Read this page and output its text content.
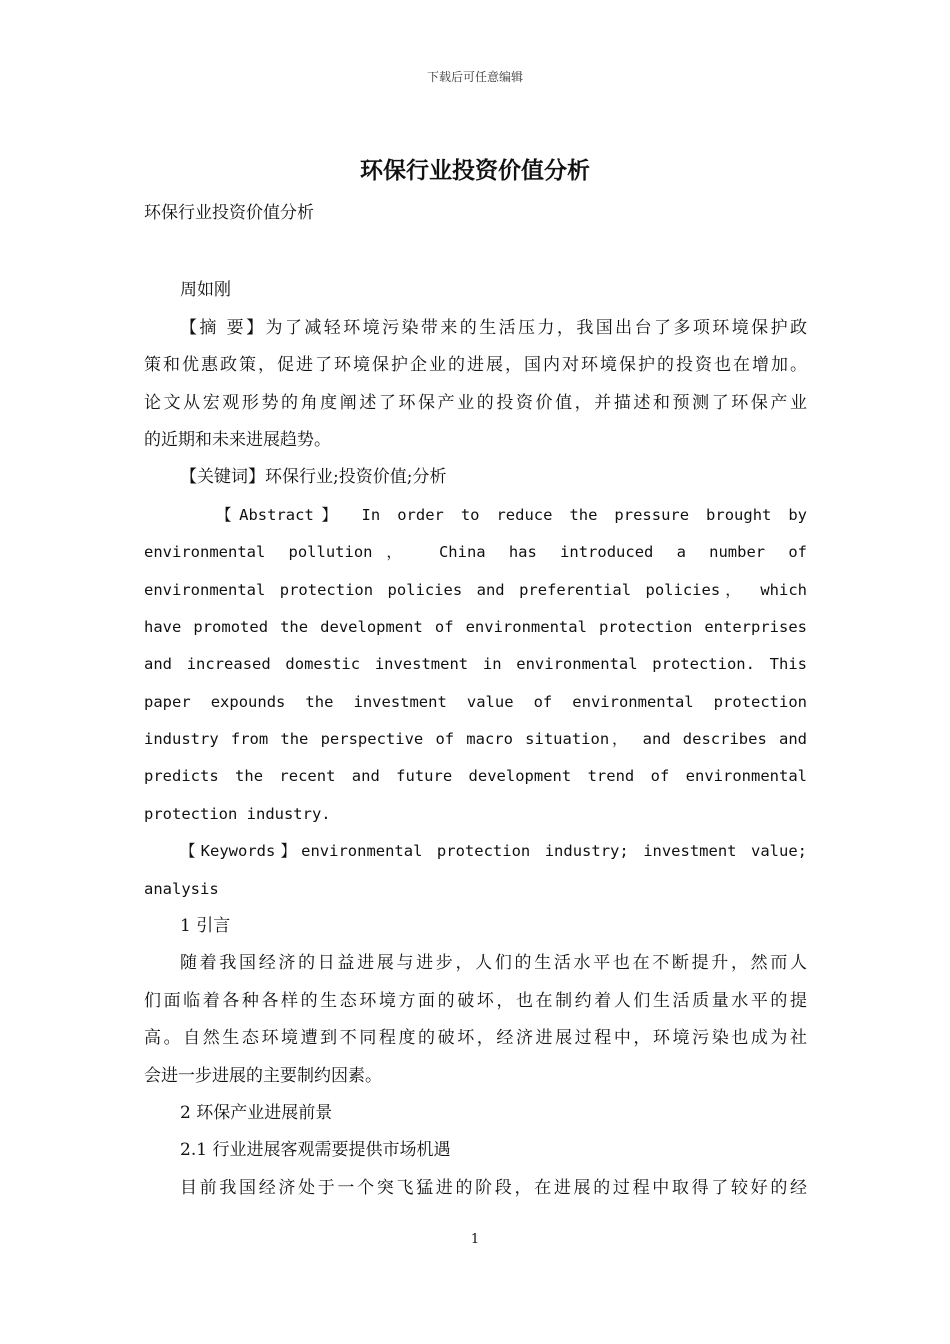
下载后可任意编辑
环保行业投资价值分析
环保行业投资价值分析
周如刚
【摘 要】为了减轻环境污染带来的生活压力，我国出台了多项环境保护政
策和优惠政策，促进了环境保护企业的进展，国内对环境保护的投资也在增加。
论文从宏观形势的角度阐述了环保产业的投资价值，并描述和预测了环保产业
的近期和未来进展趋势。
【关键词】环保行业;投资价值;分析
【Abstract】 In order to reduce the pressure brought by
environmental pollution， China has introduced a number of
environmental protection policies and preferential policies， which
have promoted the development of environmental protection enterprises
and increased domestic investment in environmental protection. This
paper expounds the investment value of environmental protection
industry from the perspective of macro situation， and describes and
predicts the recent and future development trend of environmental
protection industry.
【Keywords】environmental protection industry; investment value;
analysis
1 引言
随着我国经济的日益进展与进步，人们的生活水平也在不断提升，然而人
们面临着各种各样的生态环境方面的破坏，也在制约着人们生活质量水平的提
高。自然生态环境遭到不同程度的破坏，经济进展过程中，环境污染也成为社
会进一步进展的主要制约因素。
2 环保产业进展前景
2.1 行业进展客观需要提供市场机遇
目前我国经济处于一个突飞猛进的阶段，在进展的过程中取得了较好的经
1
